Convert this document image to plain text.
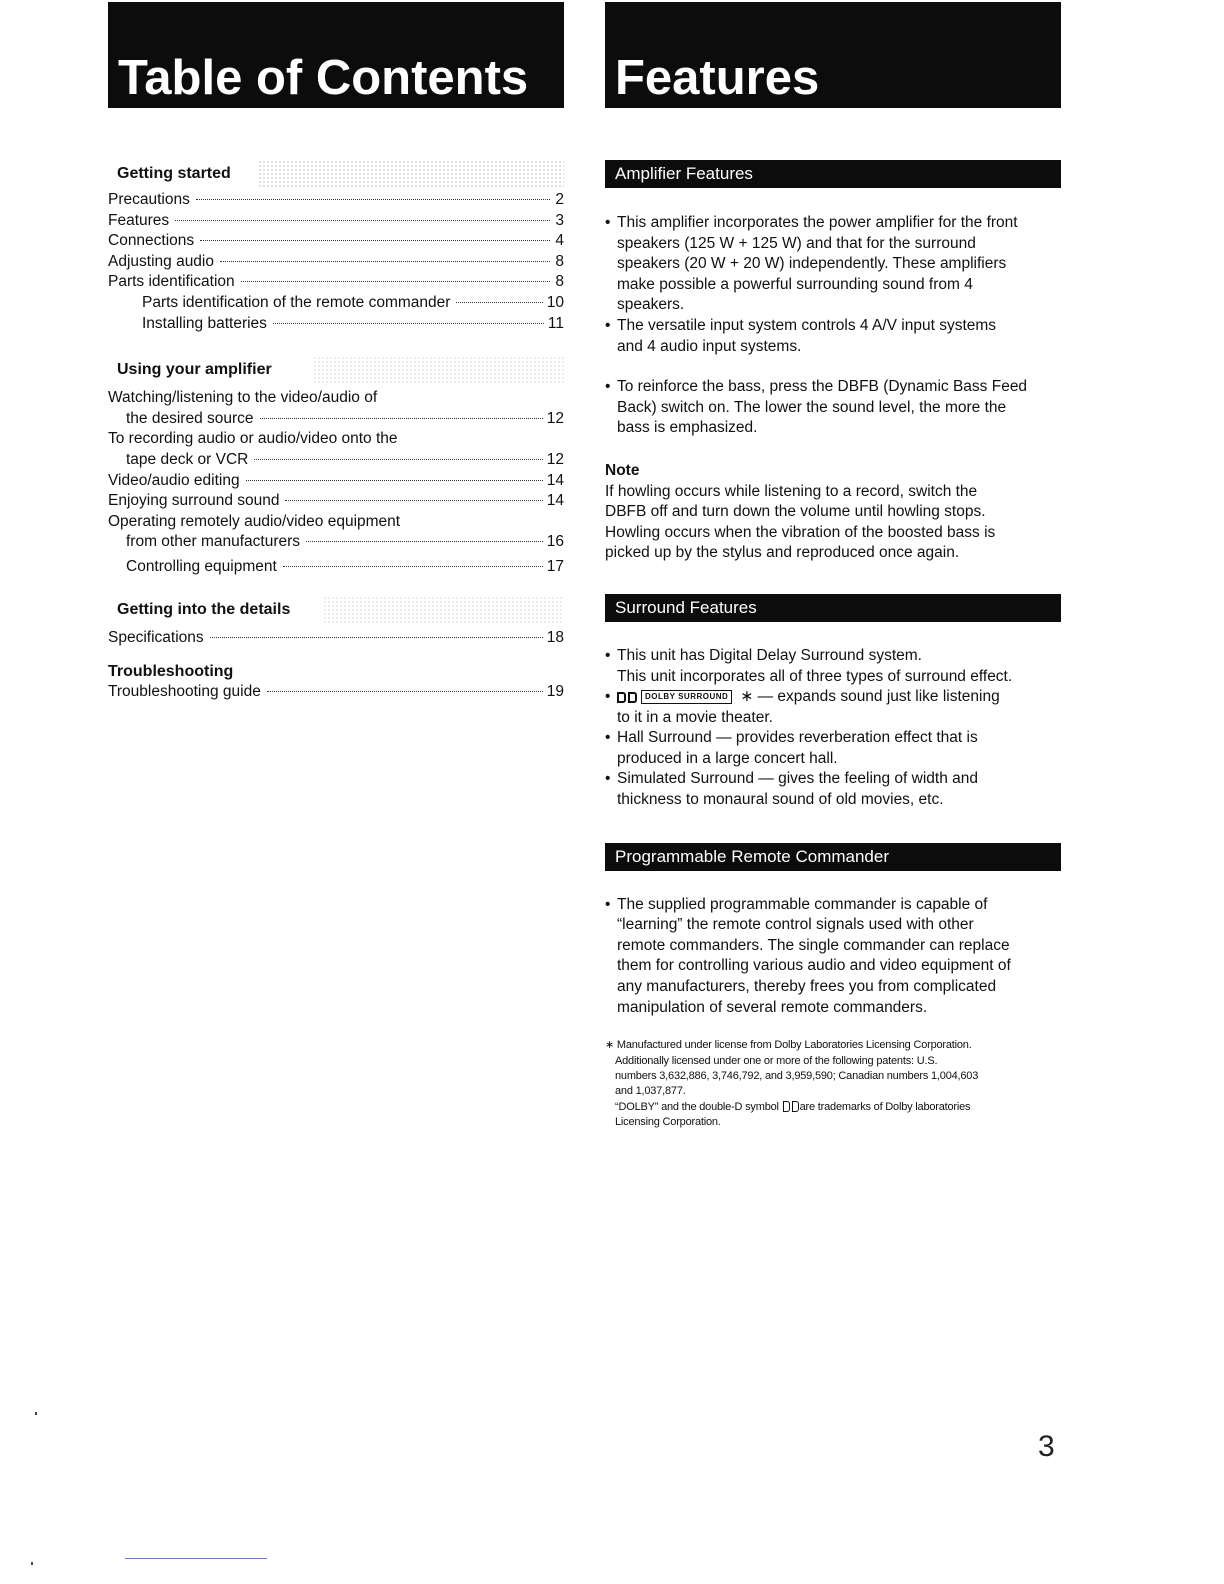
Table of Contents Features
Getting started
Precautions	2
Features	3
Connections	4
Adjusting audio	8
Parts identification	8
Parts identification of the remote commander	10
Installing batteries	11
Using your amplifier
Watching/listening to the video/audio of
the desired source	12
To recording audio or audio/video onto the
tape deck or VCR	12
Video/audio editing	14
Enjoying surround sound	14
Operating remotely audio/video equipment
from other manufacturers	16
Controlling equipment	17
Getting into the details
Specifications	18
Troubleshooting
Troubleshooting guide	19
Amplifier Features
• This amplifier incorporates the power amplifier for the front
speakers (125 W + 125 W) and that for the surround
speakers (20 W + 20 W) independently. These amplifiers
make possible a powerful surrounding sound from 4
speakers.
• The versatile input system controls 4 A/V input systems
and 4 audio input systems.
• To reinforce the bass, press the DBFB (Dynamic Bass Feed
Back) switch on. The lower the sound level, the more the
bass is emphasized.
Note
If howling occurs while listening to a record, switch the
DBFB off and turn down the volume until howling stops.
Howling occurs when the vibration of the boosted bass is
picked up by the stylus and reproduced once again.
Surround Features
• This unit has Digital Delay Surround system.
This unit incorporates all of three types of surround effect.
•	DOLBY SURROUND ∗ — expands sound just like listening
to it in a movie theater.
• Hall Surround — provides reverberation effect that is
produced in a large concert hall.
• Simulated Surround — gives the feeling of width and
thickness to monaural sound of old movies, etc.
Programmable Remote Commander
• The supplied programmable commander is capable of
“learning” the remote control signals used with other
remote commanders. The single commander can replace
them for controlling various audio and video equipment of
any manufacturers, thereby frees you from complicated
manipulation of several remote commanders.
∗ Manufactured under license from Dolby Laboratories Licensing Corporation.
Additionally licensed under one or more of the following patents: U.S.
numbers 3,632,886, 3,746,792, and 3,959,590; Canadian numbers 1,004,603
and 1,037,877.
“DOLBY” and the double-D symbol are trademarks of Dolby laboratories
Licensing Corporation.
3
